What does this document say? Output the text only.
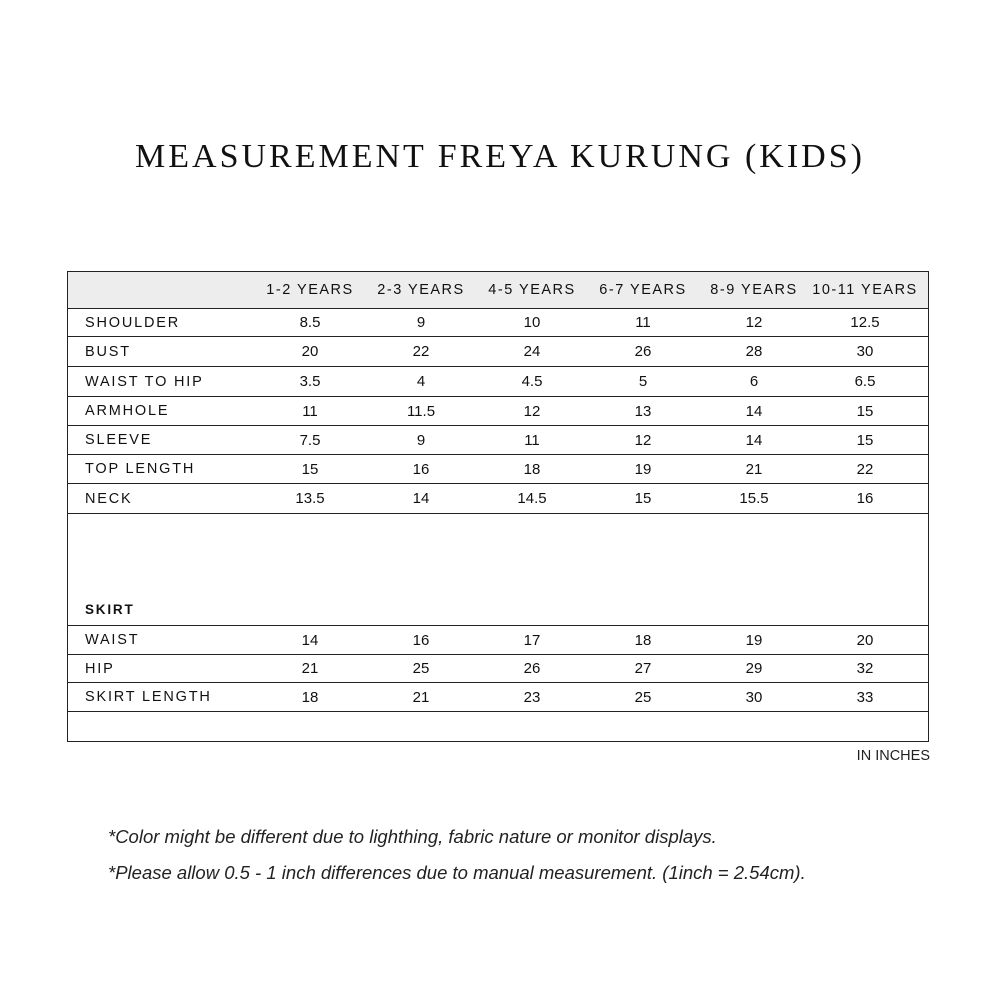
MEASUREMENT FREYA KURUNG (KIDS)
1-2 YEARS	2-3 YEARS	4-5 YEARS	6-7 YEARS	8-9 YEARS	10-11 YEARS
SHOULDER	8.5	9	10	11	12	12.5
BUST	20	22	24	26	28	30
WAIST TO HIP	3.5	4	4.5	5	6	6.5
ARMHOLE	11	11.5	12	13	14	15
SLEEVE	7.5	9	11	12	14	15
TOP LENGTH	15	16	18	19	21	22
NECK	13.5	14	14.5	15	15.5	16
SKIRT
WAIST	14	16	17	18	19	20
HIP	21	25	26	27	29	32
SKIRT LENGTH	18	21	23	25	30	33
IN INCHES
*Color might be different due to lighthing, fabric nature or monitor displays.
*Please allow 0.5 - 1 inch differences due to manual measurement. (1inch = 2.54cm).
